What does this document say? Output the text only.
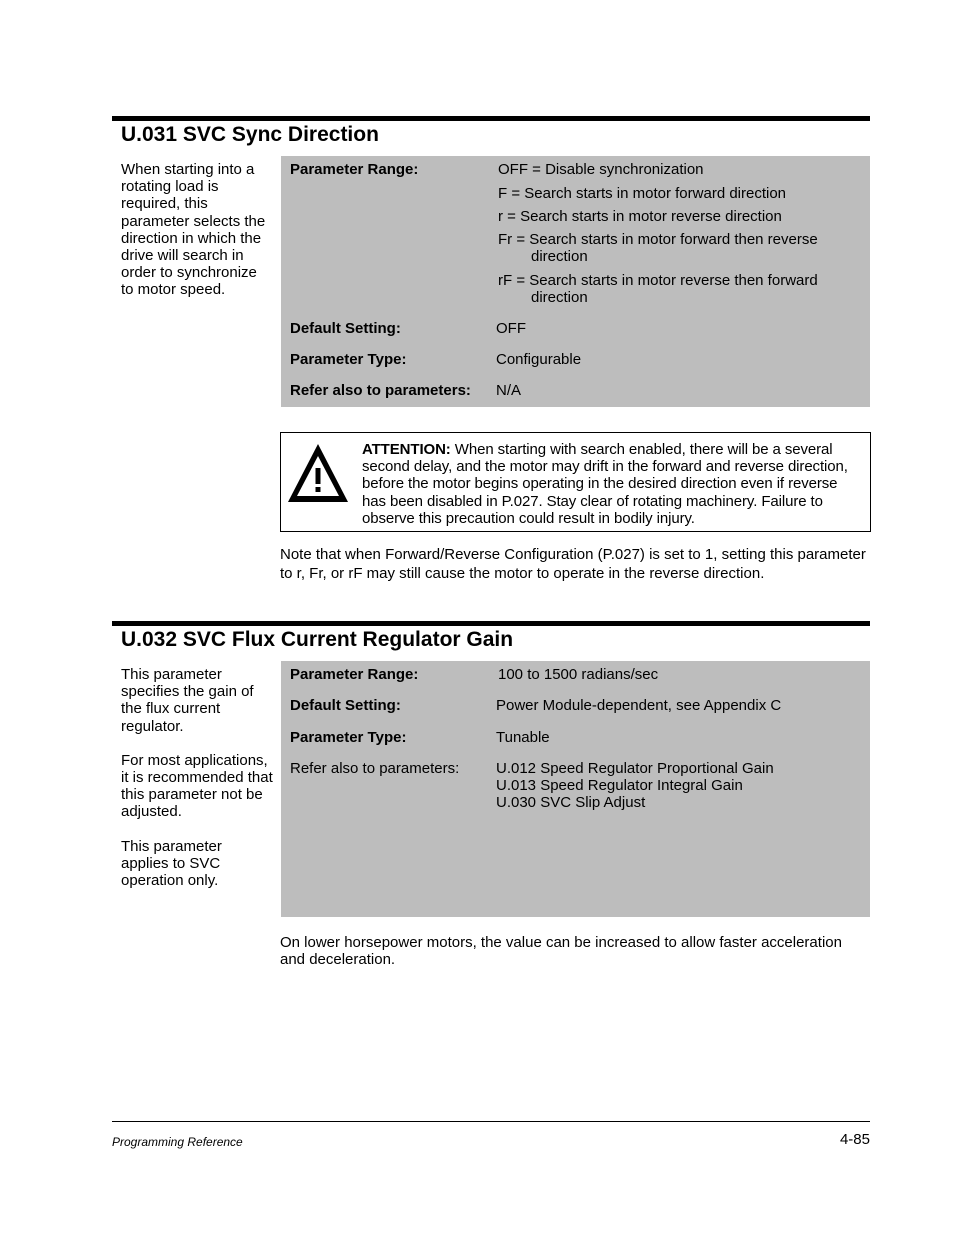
U.031 SVC Sync Direction

When starting into a rotating load is required, this parameter selects the direction in which the drive will search in order to synchronize to motor speed.

Parameter Range:	OFF = Disable synchronization
F = Search starts in motor forward direction
r = Search starts in motor reverse direction
Fr = Search starts in motor forward then reverse
direction
rF = Search starts in motor reverse then forward
direction
Default Setting:	OFF
Parameter Type:	Configurable
Refer also to parameters: N/A
ATTENTION: When starting with search enabled, there will be a several second delay, and the motor may drift in the forward and reverse direction, before the motor begins operating in the desired direction even if reverse has been disabled in P.027. Stay clear of rotating machinery. Failure to observe this precaution could result in bodily injury.

Note that when Forward/Reverse Configuration (P.027) is set to 1, setting this parameter to r, Fr, or rF may still cause the motor to operate in the reverse direction.

U.032 SVC Flux Current Regulator Gain

This parameter specifies the gain of the flux current regulator.

For most applications, it is recommended that this parameter not be adjusted.

This parameter applies to SVC operation only.

Parameter Range:	100 to 1500 radians/sec
Default Setting:	Power Module-dependent, see Appendix C
Parameter Type:	Tunable
Refer also to parameters: U.012 Speed Regulator Proportional Gain
U.013 Speed Regulator Integral Gain
U.030 SVC Slip Adjust

On lower horsepower motors, the value can be increased to allow faster acceleration and deceleration.

Programming Reference	4-85
